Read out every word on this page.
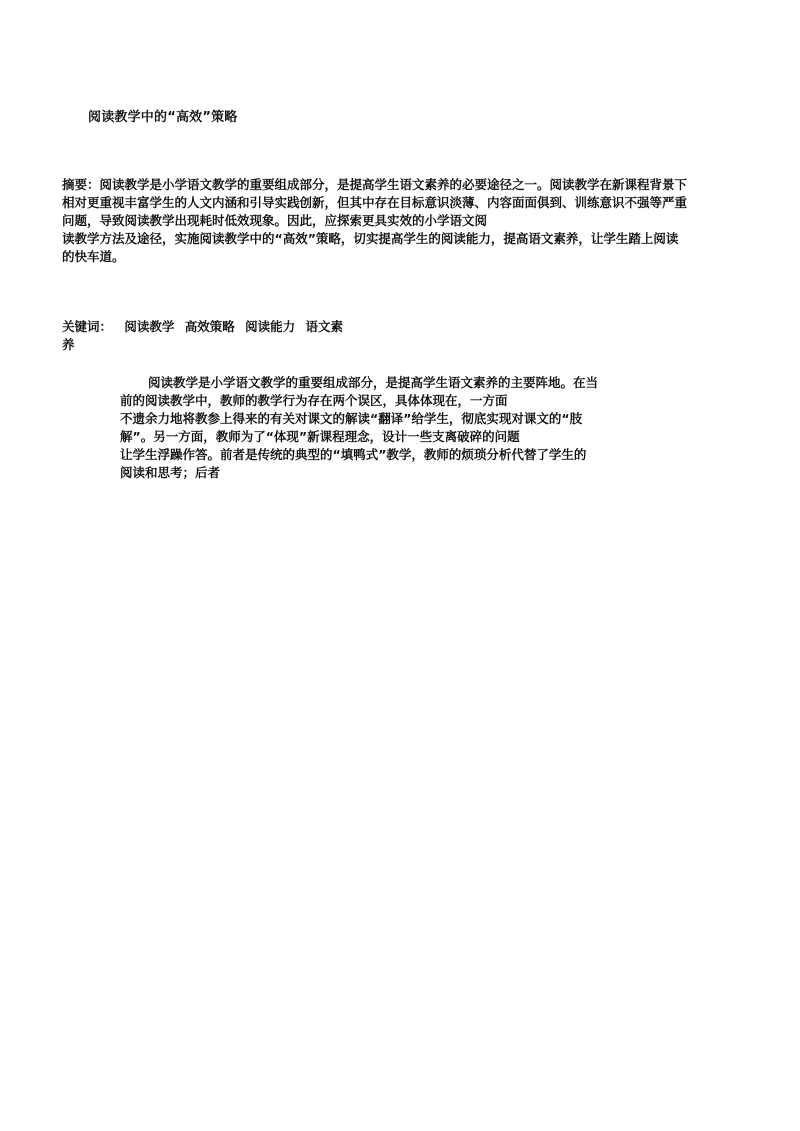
阅读教学中的“高效”策略
摘要：阅读教学是小学语文教学的重要组成部分，是提高学生语文素养的必要途径之一。阅读教学在新课程背景下
相对更重视丰富学生的人文内涵和引导实践创新，但其中存在目标意识淡薄、内容面面俱到、训练意识不强等严重
问题，导致阅读教学出现耗时低效现象。因此，应探索更具实效的小学语文阅
读教学方法及途径，实施阅读教学中的“高效”策略，切实提高学生的阅读能力，提高语文素养，让学生踏上阅读
的快车道。
关键词： 阅读教学 高效策略 阅读能力 语文素
养
阅读教学是小学语文教学的重要组成部分，是提高学生语文素养的主要阵地。在当
前的阅读教学中，教师的教学行为存在两个误区，具体体现在，一方面
不遗余力地将教参上得来的有关对课文的解读“翻译”给学生，彻底实现对课文的“肢
解”。另一方面，教师为了“体现”新课程理念，设计一些支离破碎的问题
让学生浮躁作答。前者是传统的典型的“填鸭式”教学，教师的烦琐分析代替了学生的
阅读和思考；后者
